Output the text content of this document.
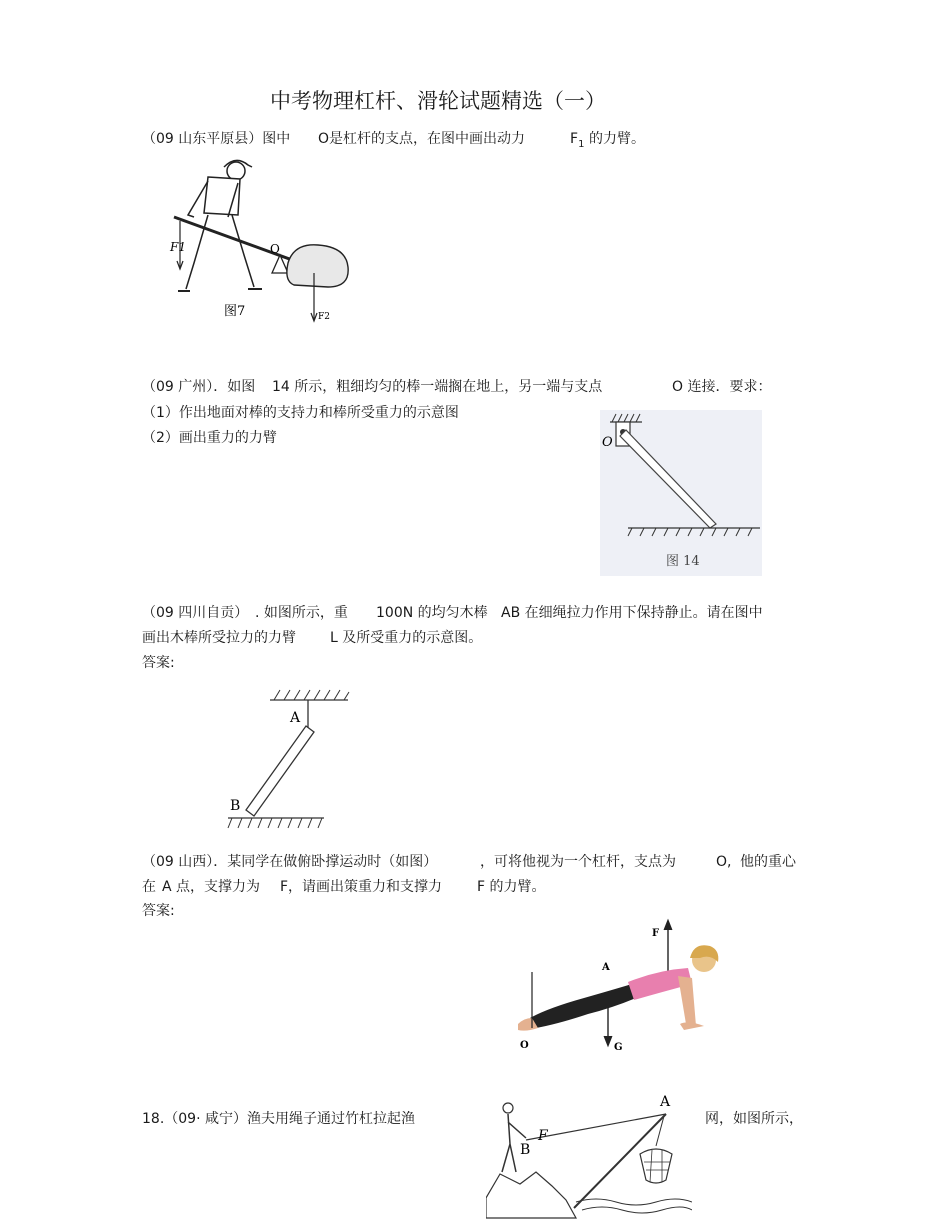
中考物理杠杆、滑轮试题精选（一）
（09 山东平原县）图中 O是杠杆的支点，在图中画出动力	$F_1$ 的力臂。
F1	O
F2
图7
（09 广州）．如图 14 所示，粗细均匀的棒一端搁在地上，另一端与支点	O 连接．要求：
（1）作出地面对棒的支持力和棒所受重力的示意图
（2）画出重力的力臂	O
图 14
（09 四川自贡） . 如图所示，重 100N 的均匀木棒 AB 在细绳拉力作用下保持静止。请在图中
画出木棒所受拉力的力臂 L 及所受重力的示意图。
答案:
A
B
（09 山西）．某同学在做俯卧撑运动时（如图）	，可将他视为一个杠杆，支点为	O, 他的重心
在 A 点，支撑力为 F，请画出策重力和支撑力 F 的力臂。
答案:
F
A
G
O
18.（09· 咸宁）渔夫用绳子通过竹杠拉起渔	网，如图所示，
A
B
F
